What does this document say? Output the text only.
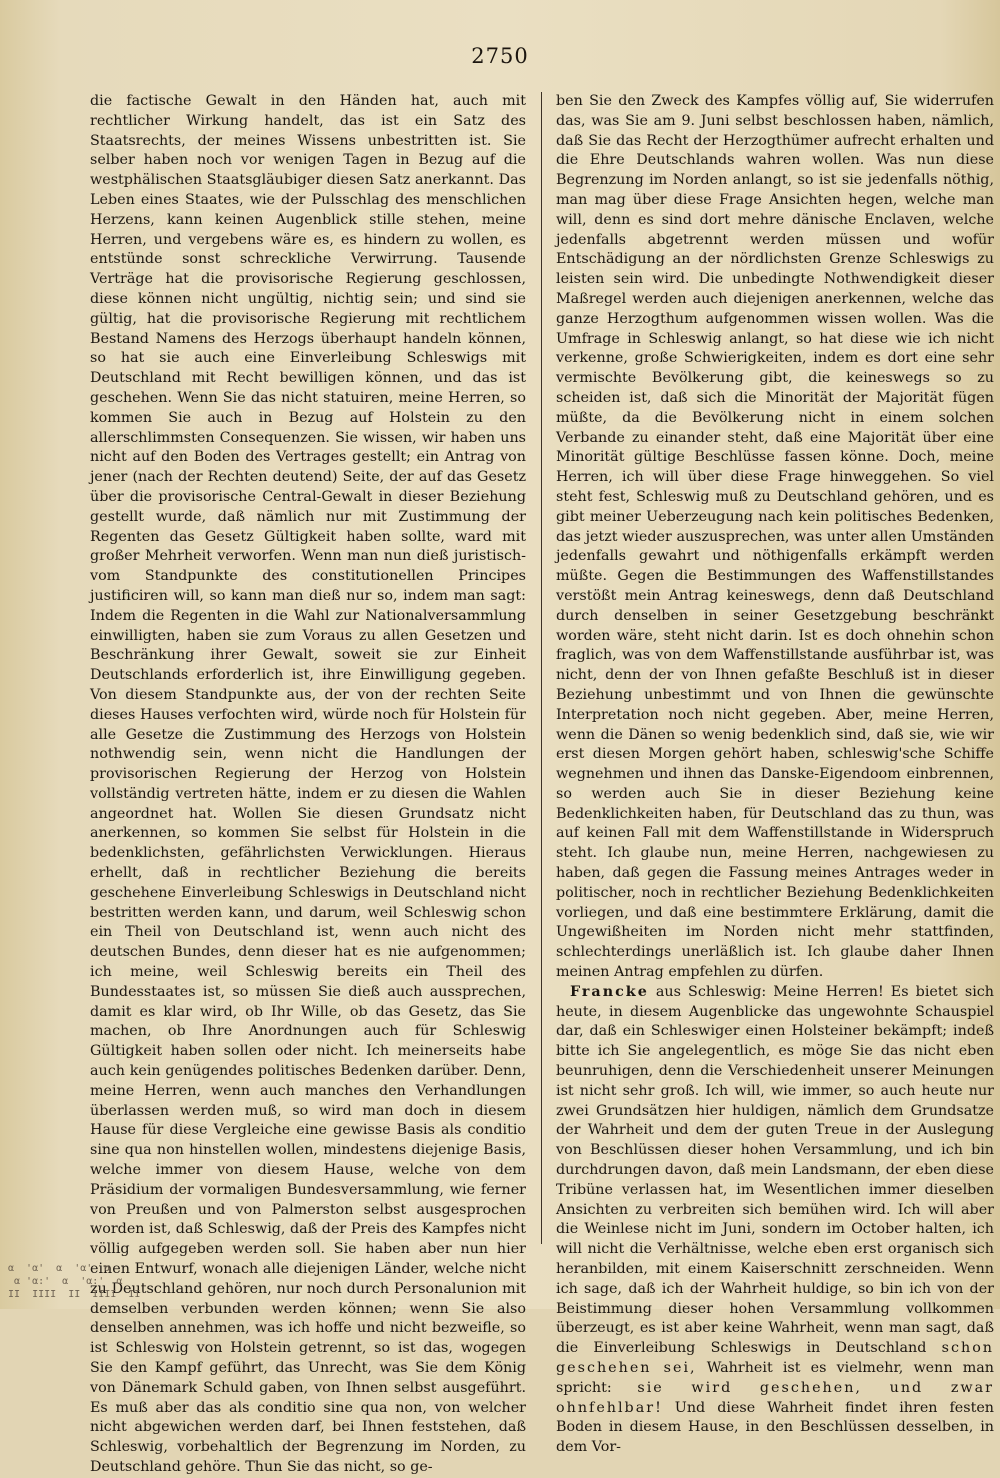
2750

die factische Gewalt in den Händen hat, auch mit rechtlicher Wirkung handelt, das ist ein Satz des Staatsrechts, der meines Wissens unbestritten ist. Sie selber haben noch vor wenigen Tagen in Bezug auf die westphälischen Staatsgläubiger diesen Satz anerkannt. Das Leben eines Staates, wie der Pulsschlag des menschlichen Herzens, kann keinen Augenblick stille stehen, meine Herren, und vergebens wäre es, es hindern zu wollen, es entstünde sonst schreckliche Verwirrung. Tausende Verträge hat die provisorische Regierung geschlossen, diese können nicht ungültig, nichtig sein; und sind sie gültig, hat die provisorische Regierung mit rechtlichem Bestand Namens des Herzogs überhaupt handeln können, so hat sie auch eine Einverleibung Schleswigs mit Deutschland mit Recht bewilligen können, und das ist geschehen. Wenn Sie das nicht statuiren, meine Herren, so kommen Sie auch in Bezug auf Holstein zu den allerschlimmsten Consequenzen. Sie wissen, wir haben uns nicht auf den Boden des Vertrages gestellt; ein Antrag von jener (nach der Rechten deutend) Seite, der auf das Gesetz über die provisorische Central-Gewalt in dieser Beziehung gestellt wurde, daß nämlich nur mit Zustimmung der Regenten das Gesetz Gültigkeit haben sollte, ward mit großer Mehrheit verworfen. Wenn man nun dieß juristisch-vom Standpunkte des constitutionellen Principes justificiren will, so kann man dieß nur so, indem man sagt: Indem die Regenten in die Wahl zur Nationalversammlung einwilligten, haben sie zum Voraus zu allen Gesetzen und Beschränkung ihrer Gewalt, soweit sie zur Einheit Deutschlands erforderlich ist, ihre Einwilligung gegeben. Von diesem Standpunkte aus, der von der rechten Seite dieses Hauses verfochten wird, würde noch für Holstein für alle Gesetze die Zustimmung des Herzogs von Holstein nothwendig sein, wenn nicht die Handlungen der provisorischen Regierung der Herzog von Holstein vollständig vertreten hätte, indem er zu diesen die Wahlen angeordnet hat. Wollen Sie diesen Grundsatz nicht anerkennen, so kommen Sie selbst für Holstein in die bedenklichsten, gefährlichsten Verwicklungen. Hieraus erhellt, daß in rechtlicher Beziehung die bereits geschehene Einverleibung Schleswigs in Deutschland nicht bestritten werden kann, und darum, weil Schleswig schon ein Theil von Deutschland ist, wenn auch nicht des deutschen Bundes, denn dieser hat es nie aufgenommen; ich meine, weil Schleswig bereits ein Theil des Bundesstaates ist, so müssen Sie dieß auch aussprechen, damit es klar wird, ob Ihr Wille, ob das Gesetz, das Sie machen, ob Ihre Anordnungen auch für Schleswig Gültigkeit haben sollen oder nicht. Ich meinerseits habe auch kein genügendes politisches Bedenken darüber. Denn, meine Herren, wenn auch manches den Verhandlungen überlassen werden muß, so wird man doch in diesem Hause für diese Vergleiche eine gewisse Basis als conditio sine qua non hinstellen wollen, mindestens diejenige Basis, welche immer von diesem Hause, welche von dem Präsidium der vormaligen Bundesversammlung, wie ferner von Preußen und von Palmerston selbst ausgesprochen worden ist, daß Schleswig, daß der Preis des Kampfes nicht völlig aufgegeben werden soll. Sie haben aber nun hier einen Entwurf, wonach alle diejenigen Länder, welche nicht zu Deutschland gehören, nur noch durch Personalunion mit demselben verbunden werden können; wenn Sie also denselben annehmen, was ich hoffe und nicht bezweifle, so ist Schleswig von Holstein getrennt, so ist das, wogegen Sie den Kampf geführt, das Unrecht, was Sie dem König von Dänemark Schuld gaben, von Ihnen selbst ausgeführt. Es muß aber das als conditio sine qua non, von welcher nicht abgewichen werden darf, bei Ihnen feststehen, daß Schleswig, vorbehaltlich der Begrenzung im Norden, zu Deutschland gehöre. Thun Sie das nicht, so ge-

ben Sie den Zweck des Kampfes völlig auf, Sie widerrufen das, was Sie am 9. Juni selbst beschlossen haben, nämlich, daß Sie das Recht der Herzogthümer aufrecht erhalten und die Ehre Deutschlands wahren wollen. Was nun diese Begrenzung im Norden anlangt, so ist sie jedenfalls nöthig, man mag über diese Frage Ansichten hegen, welche man will, denn es sind dort mehre dänische Enclaven, welche jedenfalls abgetrennt werden müssen und wofür Entschädigung an der nördlichsten Grenze Schleswigs zu leisten sein wird. Die unbedingte Nothwendigkeit dieser Maßregel werden auch diejenigen anerkennen, welche das ganze Herzogthum aufgenommen wissen wollen. Was die Umfrage in Schleswig anlangt, so hat diese wie ich nicht verkenne, große Schwierigkeiten, indem es dort eine sehr vermischte Bevölkerung gibt, die keineswegs so zu scheiden ist, daß sich die Minorität der Majorität fügen müßte, da die Bevölkerung nicht in einem solchen Verbande zu einander steht, daß eine Majorität über eine Minorität gültige Beschlüsse fassen könne. Doch, meine Herren, ich will über diese Frage hinweggehen. So viel steht fest, Schleswig muß zu Deutschland gehören, und es gibt meiner Ueberzeugung nach kein politisches Bedenken, das jetzt wieder auszusprechen, was unter allen Umständen jedenfalls gewahrt und nöthigenfalls erkämpft werden müßte. Gegen die Bestimmungen des Waffenstillstandes verstößt mein Antrag keineswegs, denn daß Deutschland durch denselben in seiner Gesetzgebung beschränkt worden wäre, steht nicht darin. Ist es doch ohnehin schon fraglich, was von dem Waffenstillstande ausführbar ist, was nicht, denn der von Ihnen gefaßte Beschluß ist in dieser Beziehung unbestimmt und von Ihnen die gewünschte Interpretation noch nicht gegeben. Aber, meine Herren, wenn die Dänen so wenig bedenklich sind, daß sie, wie wir erst diesen Morgen gehört haben, schleswig'sche Schiffe wegnehmen und ihnen das Danske-Eigendoom einbrennen, so werden auch Sie in dieser Beziehung keine Bedenklichkeiten haben, für Deutschland das zu thun, was auf keinen Fall mit dem Waffenstillstande in Widerspruch steht. Ich glaube nun, meine Herren, nachgewiesen zu haben, daß gegen die Fassung meines Antrages weder in politischer, noch in rechtlicher Beziehung Bedenklichkeiten vorliegen, und daß eine bestimmtere Erklärung, damit die Ungewißheiten im Norden nicht mehr stattfinden, schlechterdings unerläßlich ist. Ich glaube daher Ihnen meinen Antrag empfehlen zu dürfen.

Francke aus Schleswig: Meine Herren! Es bietet sich heute, in diesem Augenblicke das ungewohnte Schauspiel dar, daß ein Schleswiger einen Holsteiner bekämpft; indeß bitte ich Sie angelegentlich, es möge Sie das nicht eben beunruhigen, denn die Verschiedenheit unserer Meinungen ist nicht sehr groß. Ich will, wie immer, so auch heute nur zwei Grundsätzen hier huldigen, nämlich dem Grundsatze der Wahrheit und dem der guten Treue in der Auslegung von Beschlüssen dieser hohen Versammlung, und ich bin durchdrungen davon, daß mein Landsmann, der eben diese Tribüne verlassen hat, im Wesentlichen immer dieselben Ansichten zu verbreiten sich bemühen wird. Ich will aber die Weinlese nicht im Juni, sondern im October halten, ich will nicht die Verhältnisse, welche eben erst organisch sich heranbilden, mit einem Kaiserschnitt zerschneiden. Wenn ich sage, daß ich der Wahrheit huldige, so bin ich von der Beistimmung dieser hohen Versammlung vollkommen überzeugt, es ist aber keine Wahrheit, wenn man sagt, daß die Einverleibung Schleswigs in Deutschland schon geschehen sei, Wahrheit ist es vielmehr, wenn man spricht: sie wird geschehen, und zwar ohnfehlbar! Und diese Wahrheit findet ihren festen Boden in diesem Hause, in den Beschlüssen desselben, in dem Vor-

α  'α'  α  'α'  α
α 'α:'  α  'α:'  α
II  IIII  II  IIII  II
